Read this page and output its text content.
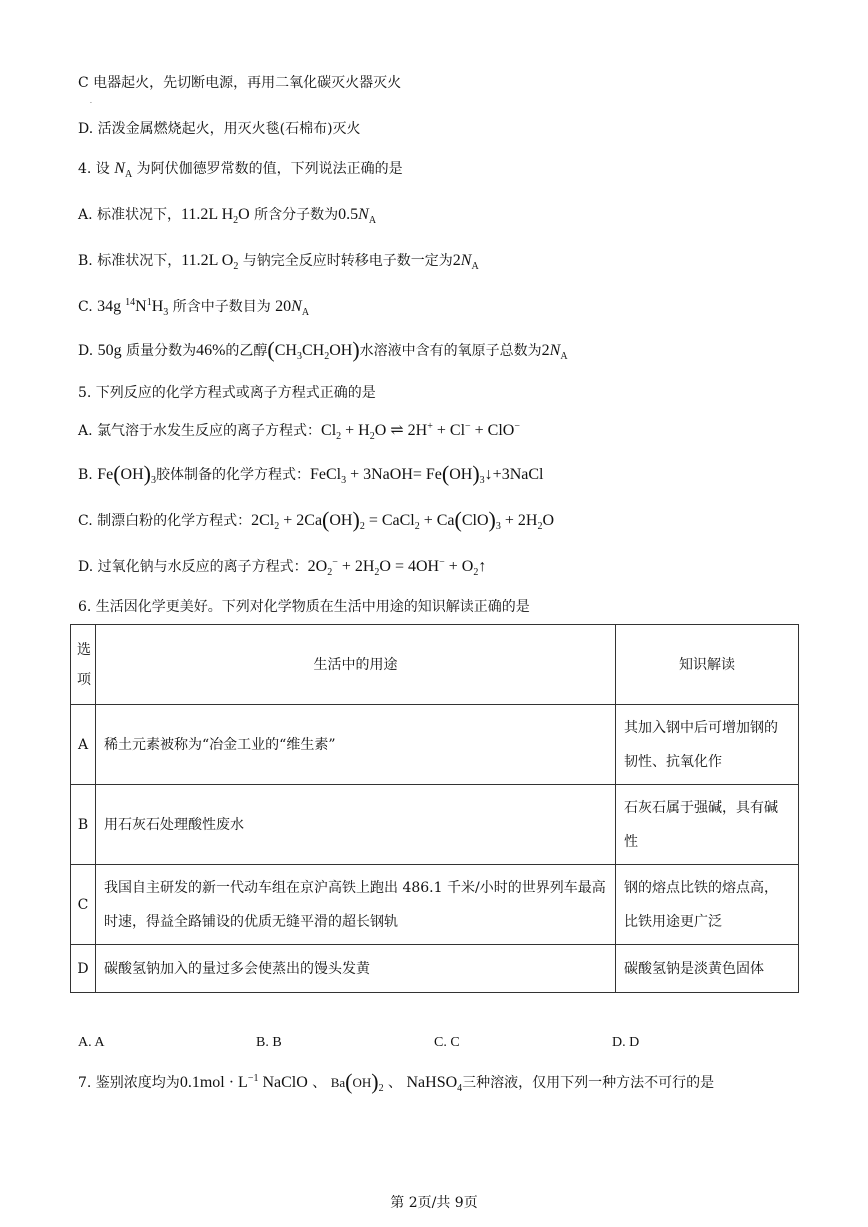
C 电器起火，先切断电源，再用二氧化碳灭火器灭火
.
D. 活泼金属燃烧起火，用灭火毯(石棉布)灭火
4. 设 $N_A$ 为阿伏伽德罗常数的值，下列说法正确的是
A. 标准状况下，11.2L $H_2O$ 所含分子数为$0.5N_A$
B. 标准状况下，11.2L $O_2$ 与钠完全反应时转移电子数一定为$2N_A$
C. 34g $^{14}N^1H_3$ 所含中子数目为 $20N_A$
D. 50g 质量分数为46%的乙醇$(CH_3CH_2OH)$水溶液中含有的氧原子总数为$2N_A$
5. 下列反应的化学方程式或离子方程式正确的是
A. 氯气溶于水发生反应的离子方程式：$Cl_2 + H_2O$ ⇌ 2H+ + Cl− + ClO−
B. $Fe(OH)_3$胶体制备的化学方程式：FeCl$_3$ + 3NaOH= $Fe(OH)_3↓+3NaCl$
C. 制漂白粉的化学方程式：$2Cl_2 + 2Ca(OH)_2$ = CaCl$_2$ + $Ca(ClO)_3 + 2H_2O$
D. 过氧化钠与水反应的离子方程式：$2O_2^- + 2H_2O = 4OH^-$ + $O_2↑$
6. 生活因化学更美好。下列对化学物质在生活中用途的知识解读正确的是
选项	生活中的用途	知识解读
A	稀土元素被称为“冶金工业的“维生素”	其加入钢中后可增加钢的韧性、抗氧化作
B	用石灰石处理酸性废水	石灰石属于强碱，具有碱性
C	我国自主研发的新一代动车组在京沪高铁上跑出 486.1 千米/小时的世界列车最高时速，得益全路铺设的优质无缝平滑的超长钢轨	钢的熔点比铁的熔点高，比铁用途更广泛
D	碳酸氢钠加入的量过多会使蒸出的馒头发黄	碳酸氢钠是淡黄色固体
A. A	B. B	C. C	D. D
7. 鉴别浓度均为$0.1mol \cdot L^{-1}$ NaClO 、 $Ba(OH)_2$ 、 NaHSO$_4$三种溶液，仅用下列一种方法不可行的是
第 2页/共 9页
